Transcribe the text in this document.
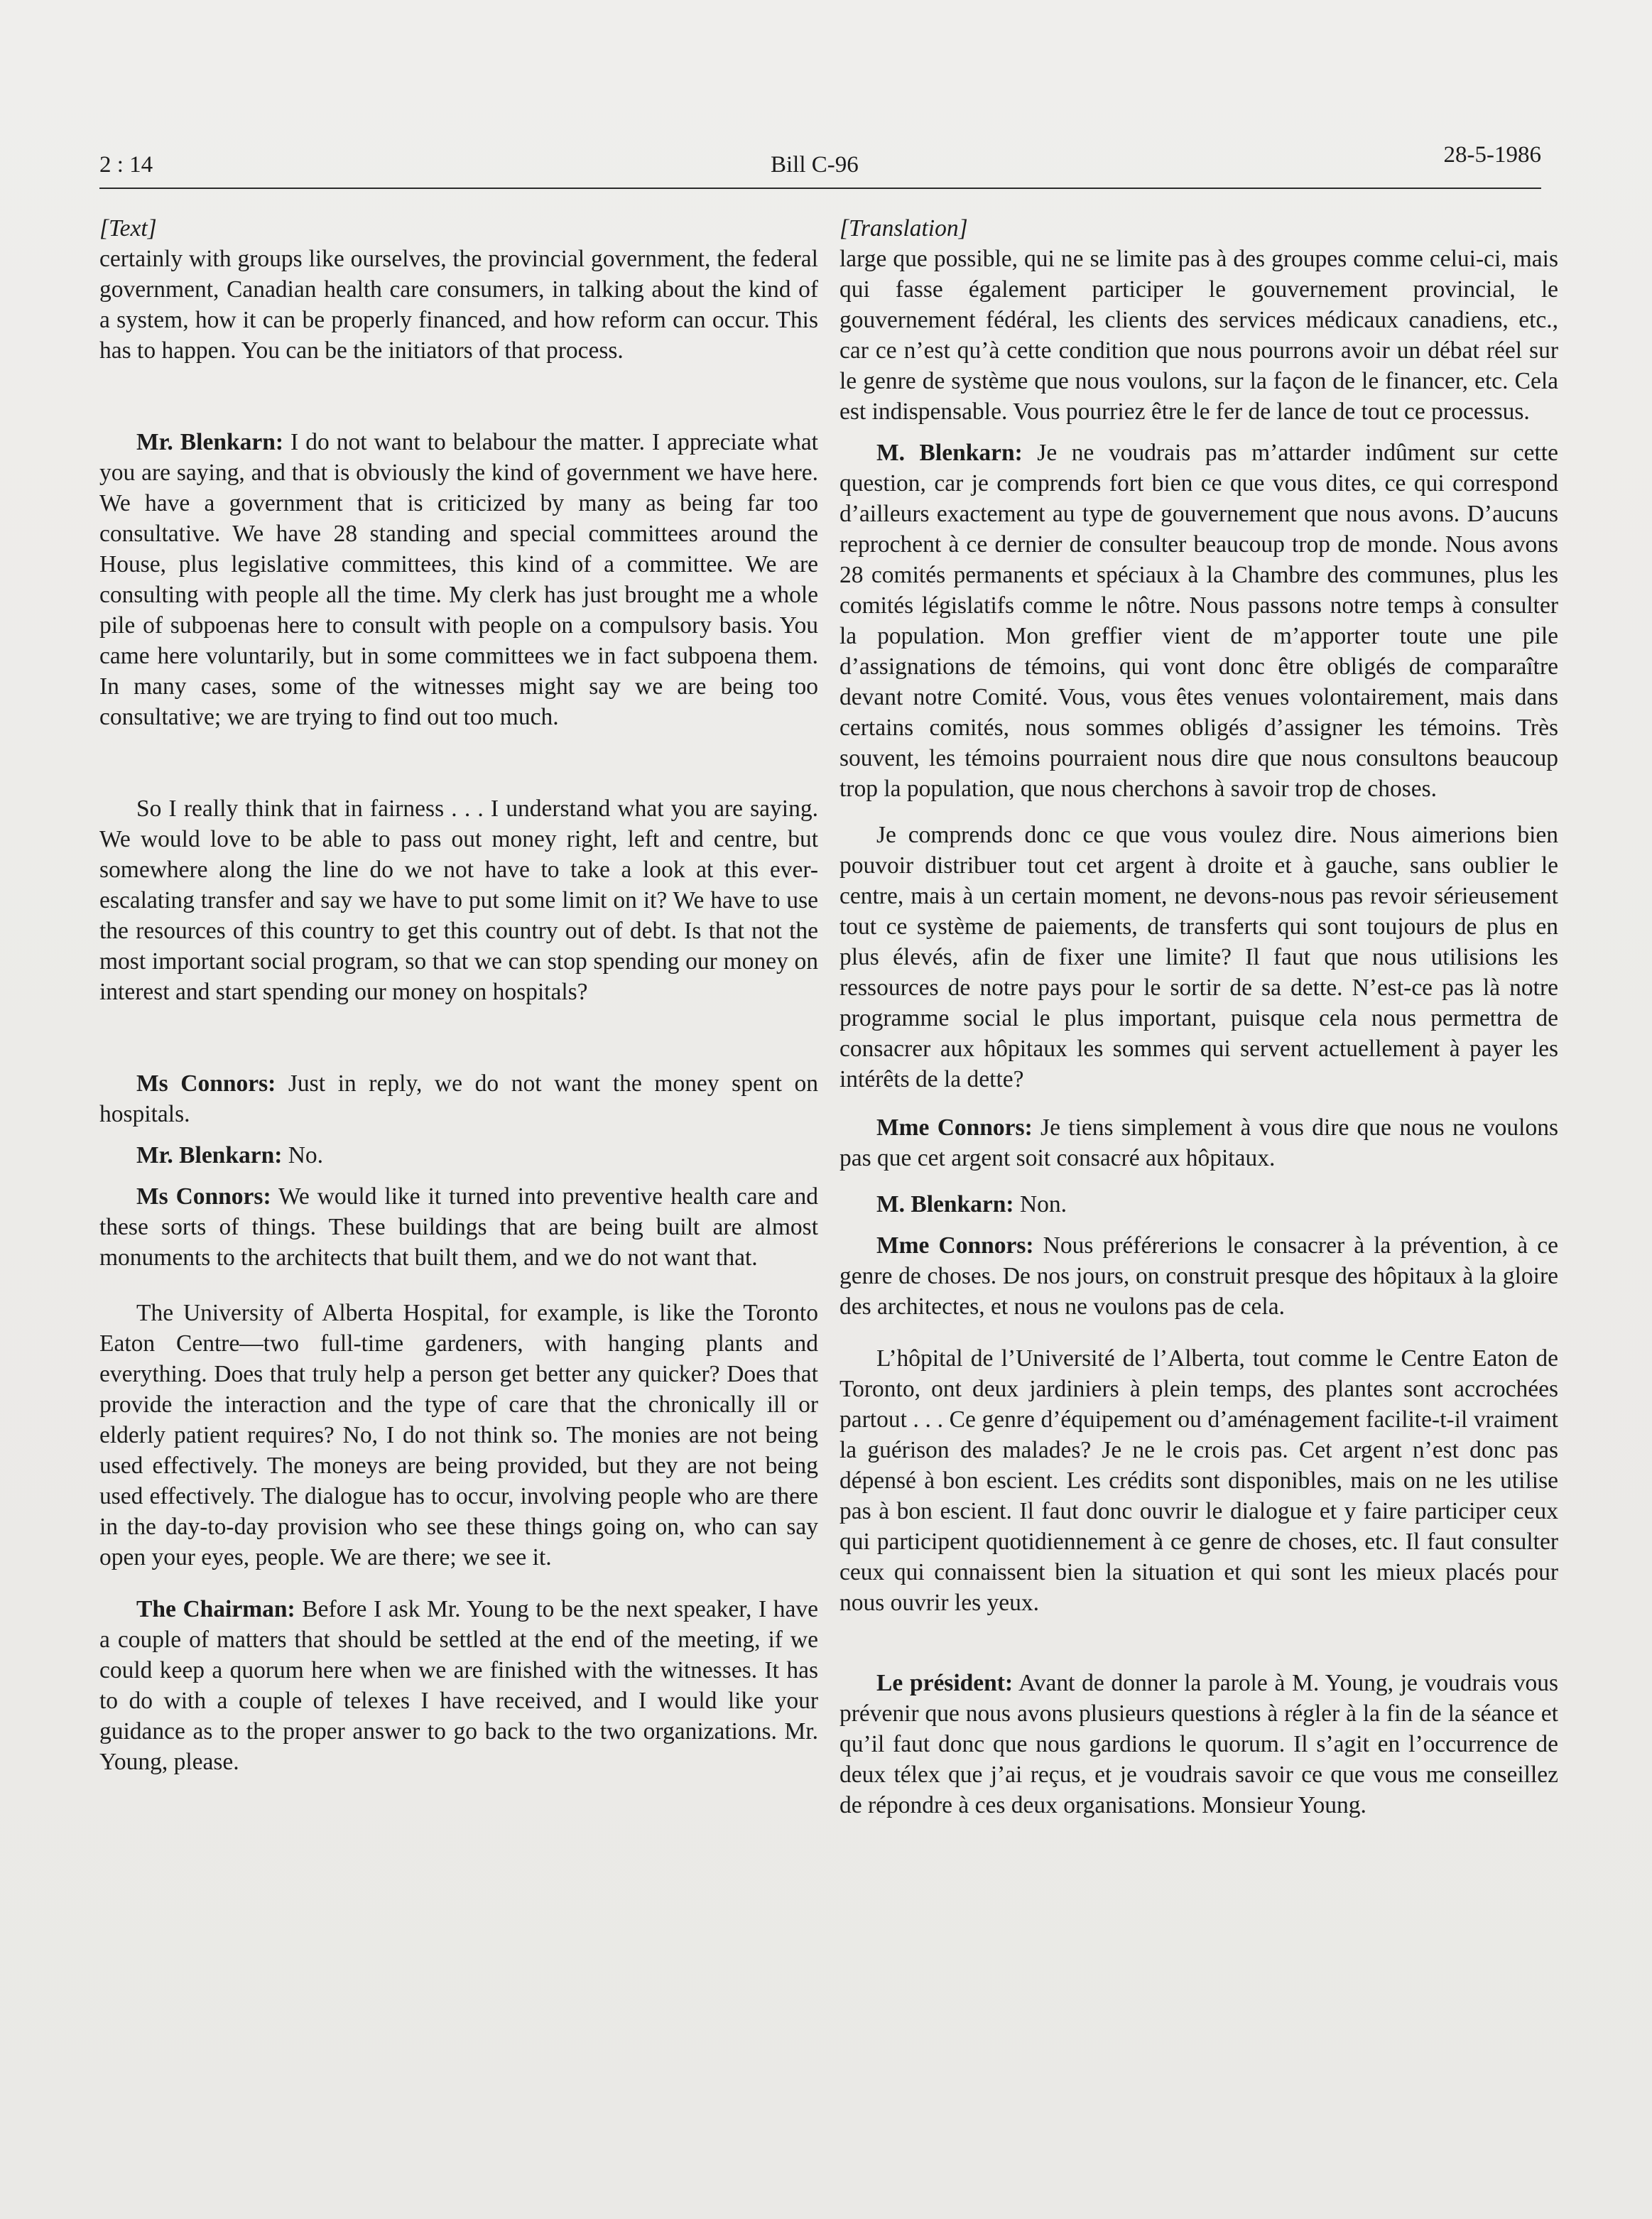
2 : 14	Bill C-96	28-5-1986
[Text]

certainly with groups like ourselves, the provincial government, the federal government, Canadian health care consumers, in talking about the kind of a system, how it can be properly financed, and how reform can occur. This has to happen. You can be the initiators of that process.

Mr. Blenkarn: I do not want to belabour the matter. I appreciate what you are saying, and that is obviously the kind of government we have here. We have a government that is criticized by many as being far too consultative. We have 28 standing and special committees around the House, plus legislative committees, this kind of a committee. We are consulting with people all the time. My clerk has just brought me a whole pile of subpoenas here to consult with people on a compulsory basis. You came here voluntarily, but in some committees we in fact subpoena them. In many cases, some of the witnesses might say we are being too consultative; we are trying to find out too much.

So I really think that in fairness . . . I understand what you are saying. We would love to be able to pass out money right, left and centre, but somewhere along the line do we not have to take a look at this ever-escalating transfer and say we have to put some limit on it? We have to use the resources of this country to get this country out of debt. Is that not the most important social program, so that we can stop spending our money on interest and start spending our money on hospitals?

Ms Connors: Just in reply, we do not want the money spent on hospitals.

Mr. Blenkarn: No.

Ms Connors: We would like it turned into preventive health care and these sorts of things. These buildings that are being built are almost monuments to the architects that built them, and we do not want that.

The University of Alberta Hospital, for example, is like the Toronto Eaton Centre—two full-time gardeners, with hanging plants and everything. Does that truly help a person get better any quicker? Does that provide the interaction and the type of care that the chronically ill or elderly patient requires? No, I do not think so. The monies are not being used effectively. The moneys are being provided, but they are not being used effectively. The dialogue has to occur, involving people who are there in the day-to-day provision who see these things going on, who can say open your eyes, people. We are there; we see it.

The Chairman: Before I ask Mr. Young to be the next speaker, I have a couple of matters that should be settled at the end of the meeting, if we could keep a quorum here when we are finished with the witnesses. It has to do with a couple of telexes I have received, and I would like your guidance as to the proper answer to go back to the two organizations. Mr. Young, please.

[Translation]

large que possible, qui ne se limite pas à des groupes comme celui-ci, mais qui fasse également participer le gouvernement provincial, le gouvernement fédéral, les clients des services médicaux canadiens, etc., car ce n’est qu’à cette condition que nous pourrons avoir un débat réel sur le genre de système que nous voulons, sur la façon de le financer, etc. Cela est indispensable. Vous pourriez être le fer de lance de tout ce processus.

M. Blenkarn: Je ne voudrais pas m’attarder indûment sur cette question, car je comprends fort bien ce que vous dites, ce qui correspond d’ailleurs exactement au type de gouvernement que nous avons. D’aucuns reprochent à ce dernier de consulter beaucoup trop de monde. Nous avons 28 comités permanents et spéciaux à la Chambre des communes, plus les comités législatifs comme le nôtre. Nous passons notre temps à consulter la population. Mon greffier vient de m’apporter toute une pile d’assignations de témoins, qui vont donc être obligés de comparaître devant notre Comité. Vous, vous êtes venues volontairement, mais dans certains comités, nous sommes obligés d’assigner les témoins. Très souvent, les témoins pourraient nous dire que nous consultons beaucoup trop la population, que nous cherchons à savoir trop de choses.

Je comprends donc ce que vous voulez dire. Nous aimerions bien pouvoir distribuer tout cet argent à droite et à gauche, sans oublier le centre, mais à un certain moment, ne devons-nous pas revoir sérieusement tout ce système de paiements, de transferts qui sont toujours de plus en plus élevés, afin de fixer une limite? Il faut que nous utilisions les ressources de notre pays pour le sortir de sa dette. N’est-ce pas là notre programme social le plus important, puisque cela nous permettra de consacrer aux hôpitaux les sommes qui servent actuellement à payer les intérêts de la dette?

Mme Connors: Je tiens simplement à vous dire que nous ne voulons pas que cet argent soit consacré aux hôpitaux.

M. Blenkarn: Non.

Mme Connors: Nous préférerions le consacrer à la prévention, à ce genre de choses. De nos jours, on construit presque des hôpitaux à la gloire des architectes, et nous ne voulons pas de cela.

L’hôpital de l’Université de l’Alberta, tout comme le Centre Eaton de Toronto, ont deux jardiniers à plein temps, des plantes sont accrochées partout . . . Ce genre d’équipement ou d’aménagement facilite-t-il vraiment la guérison des malades? Je ne le crois pas. Cet argent n’est donc pas dépensé à bon escient. Les crédits sont disponibles, mais on ne les utilise pas à bon escient. Il faut donc ouvrir le dialogue et y faire participer ceux qui participent quotidiennement à ce genre de choses, etc. Il faut consulter ceux qui connaissent bien la situation et qui sont les mieux placés pour nous ouvrir les yeux.

Le président: Avant de donner la parole à M. Young, je voudrais vous prévenir que nous avons plusieurs questions à régler à la fin de la séance et qu’il faut donc que nous gardions le quorum. Il s’agit en l’occurrence de deux télex que j’ai reçus, et je voudrais savoir ce que vous me conseillez de répondre à ces deux organisations. Monsieur Young.
